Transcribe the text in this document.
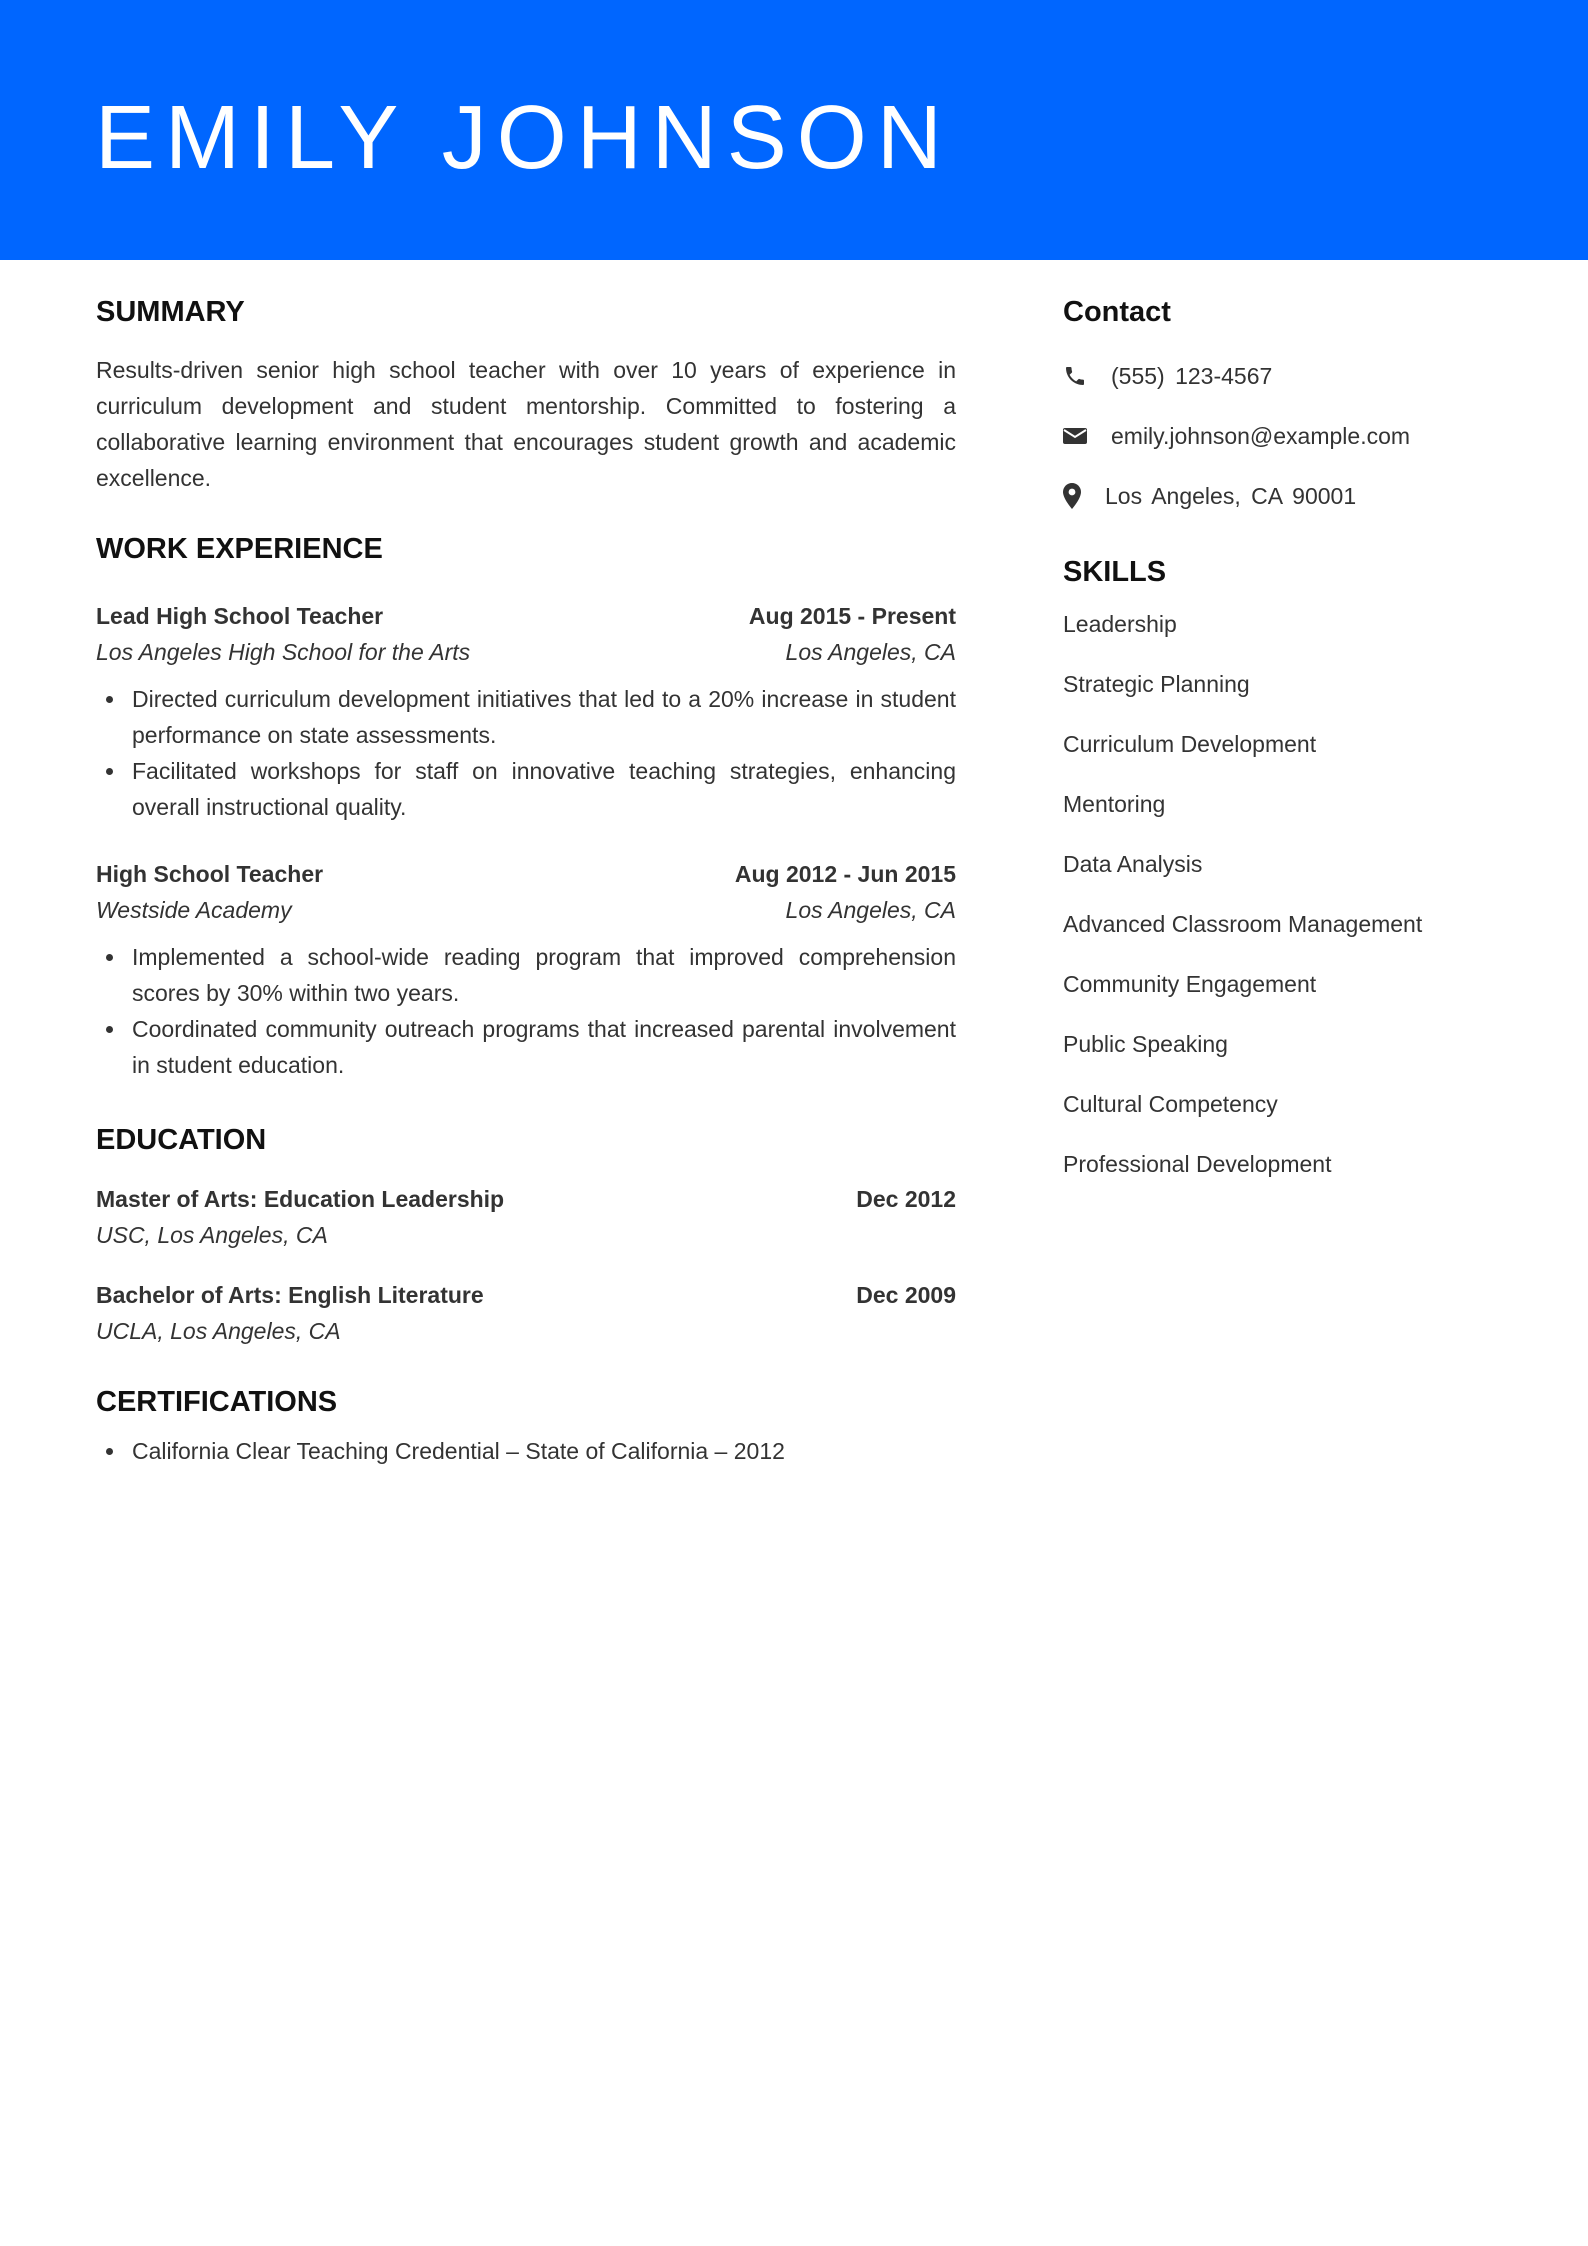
EMILY JOHNSON
SUMMARY

Results-driven senior high school teacher with over 10 years of experience in curriculum development and student mentorship. Committed to fostering a collaborative learning environment that encourages student growth and academic excellence.

WORK EXPERIENCE
Lead High School Teacher	Aug 2015 - Present
Los Angeles High School for the Arts	Los Angeles, CA
Directed curriculum development initiatives that led to a 20% increase in student performance on state assessments.
Facilitated workshops for staff on innovative teaching strategies, enhancing overall instructional quality.
High School Teacher	Aug 2012 - Jun 2015
Westside Academy	Los Angeles, CA
Implemented a school-wide reading program that improved comprehension scores by 30% within two years.
Coordinated community outreach programs that increased parental involvement in student education.
EDUCATION
Master of Arts: Education Leadership	Dec 2012
USC, Los Angeles, CA
Bachelor of Arts: English Literature	Dec 2009
UCLA, Los Angeles, CA
CERTIFICATIONS
California Clear Teaching Credential – State of California – 2012
Contact
(555) 123-4567
emily.johnson@example.com
Los Angeles, CA 90001
SKILLS
Leadership
Strategic Planning
Curriculum Development
Mentoring
Data Analysis
Advanced Classroom Management
Community Engagement
Public Speaking
Cultural Competency
Professional Development
